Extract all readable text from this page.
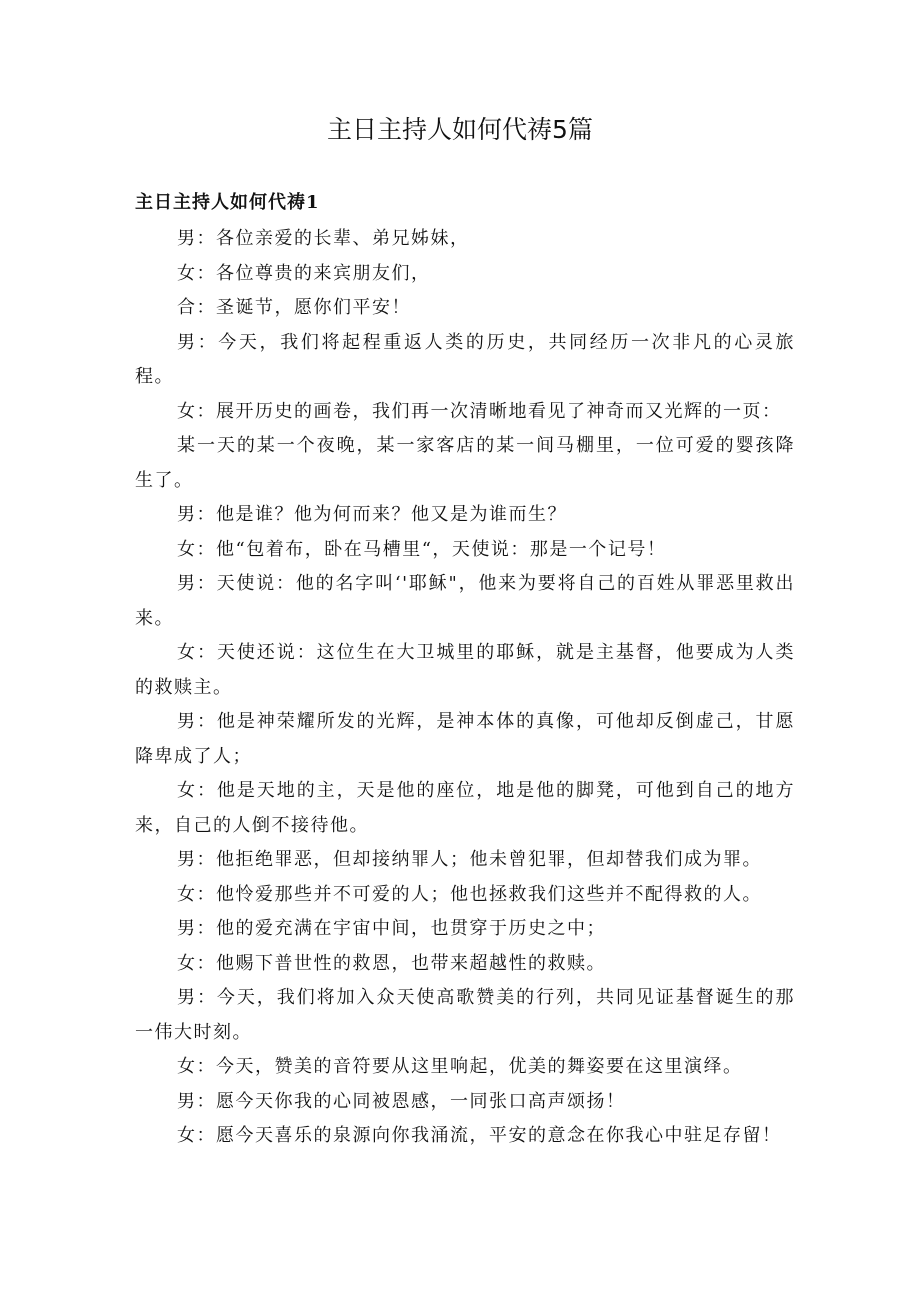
主日主持人如何代祷5篇
主日主持人如何代祷1

男：各位亲爱的长辈、弟兄姊妹，

女：各位尊贵的来宾朋友们，

合：圣诞节，愿你们平安！

男：今天，我们将起程重返人类的历史，共同经历一次非凡的心灵旅程。

女：展开历史的画卷，我们再一次清晰地看见了神奇而又光辉的一页：

某一天的某一个夜晚，某一家客店的某一间马棚里，一位可爱的婴孩降生了。

男：他是谁？他为何而来？他又是为谁而生？

女：他“包着布，卧在马槽里“，天使说：那是一个记号！

男：天使说：他的名字叫‘'耶稣"，他来为要将自己的百姓从罪恶里救出来。

女：天使还说：这位生在大卫城里的耶稣，就是主基督，他要成为人类的救赎主。

男：他是神荣耀所发的光辉，是神本体的真像，可他却反倒虚己，甘愿降卑成了人；

女：他是天地的主，天是他的座位，地是他的脚凳，可他到自己的地方来，自己的人倒不接待他。

男：他拒绝罪恶，但却接纳罪人；他未曾犯罪，但却替我们成为罪。

女：他怜爱那些并不可爱的人；他也拯救我们这些并不配得救的人。

男：他的爱充满在宇宙中间，也贯穿于历史之中；

女：他赐下普世性的救恩，也带来超越性的救赎。

男：今天，我们将加入众天使高歌赞美的行列，共同见证基督诞生的那一伟大时刻。

女：今天，赞美的音符要从这里响起，优美的舞姿要在这里演绎。

男：愿今天你我的心同被恩感，一同张口高声颂扬！

女：愿今天喜乐的泉源向你我涌流，平安的意念在你我心中驻足存留！
